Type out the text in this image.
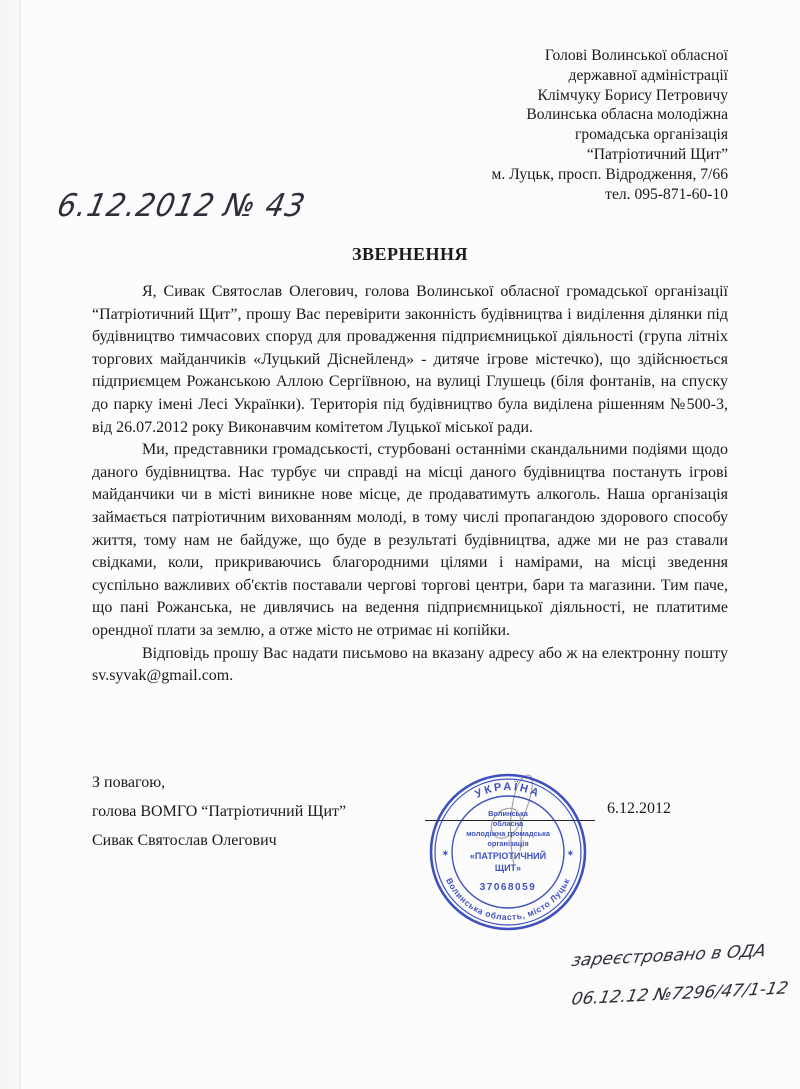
Голові Волинської обласної
державної адміністрації
Клімчуку Борису Петровичу
Волинська обласна молодіжна
громадська організація
“Патріотичний Щит”
м. Луцьк, просп. Відродження, 7/66
тел. 095-871-60-10
6.12.2012 № 43
ЗВЕРНЕННЯ

Я, Сивак Святослав Олегович, голова Волинської обласної громадської організації “Патріотичний Щит”, прошу Вас перевірити законність будівництва і виділення ділянки під будівництво тимчасових споруд для провадження підприємницької діяльності (група літніх торгових майданчиків «Луцький Діснейленд» - дитяче ігрове містечко), що здійснюється підприємцем Рожанською Аллою Сергіївною, на вулиці Глушець (біля фонтанів, на спуску до парку імені Лесі Українки). Територія під будівництво була виділена рішенням №500-3, від 26.07.2012 року Виконавчим комітетом Луцької міської ради.

Ми, представники громадськості, стурбовані останніми скандальними подіями щодо даного будівництва. Нас турбує чи справді на місці даного будівництва постануть ігрові майданчики чи в місті виникне нове місце, де продаватимуть алкоголь. Наша організація займається патріотичним вихованням молоді, в тому числі пропагандою здорового способу життя, тому нам не байдуже, що буде в результаті будівництва, адже ми не раз ставали свідками, коли, прикриваючись благородними цілями і намірами, на місці зведення суспільно важливих об'єктів поставали чергові торгові центри, бари та магазини. Тим паче, що пані Рожанська, не дивлячись на ведення підприємницької діяльності, не платитиме орендної плати за землю, а отже місто не отримає ні копійки.

Відповідь прошу Вас надати письмово на вказану адресу або ж на електронну пошту sv.syvak@gmail.com.

З повагою,
голова ВОМГО “Патріотичний Щит”
Сивак Святослав Олегович
6.12.2012
УКРАЇНА
Волинська область, місто Луцьк
✶	✶
Волинська
обласна
молодіжна громадська
організація
«ПАТРІОТИЧНИЙ
ЩИТ»
37068059
зареєстровано в ОДА
06.12.12 №7296/47/1-12
